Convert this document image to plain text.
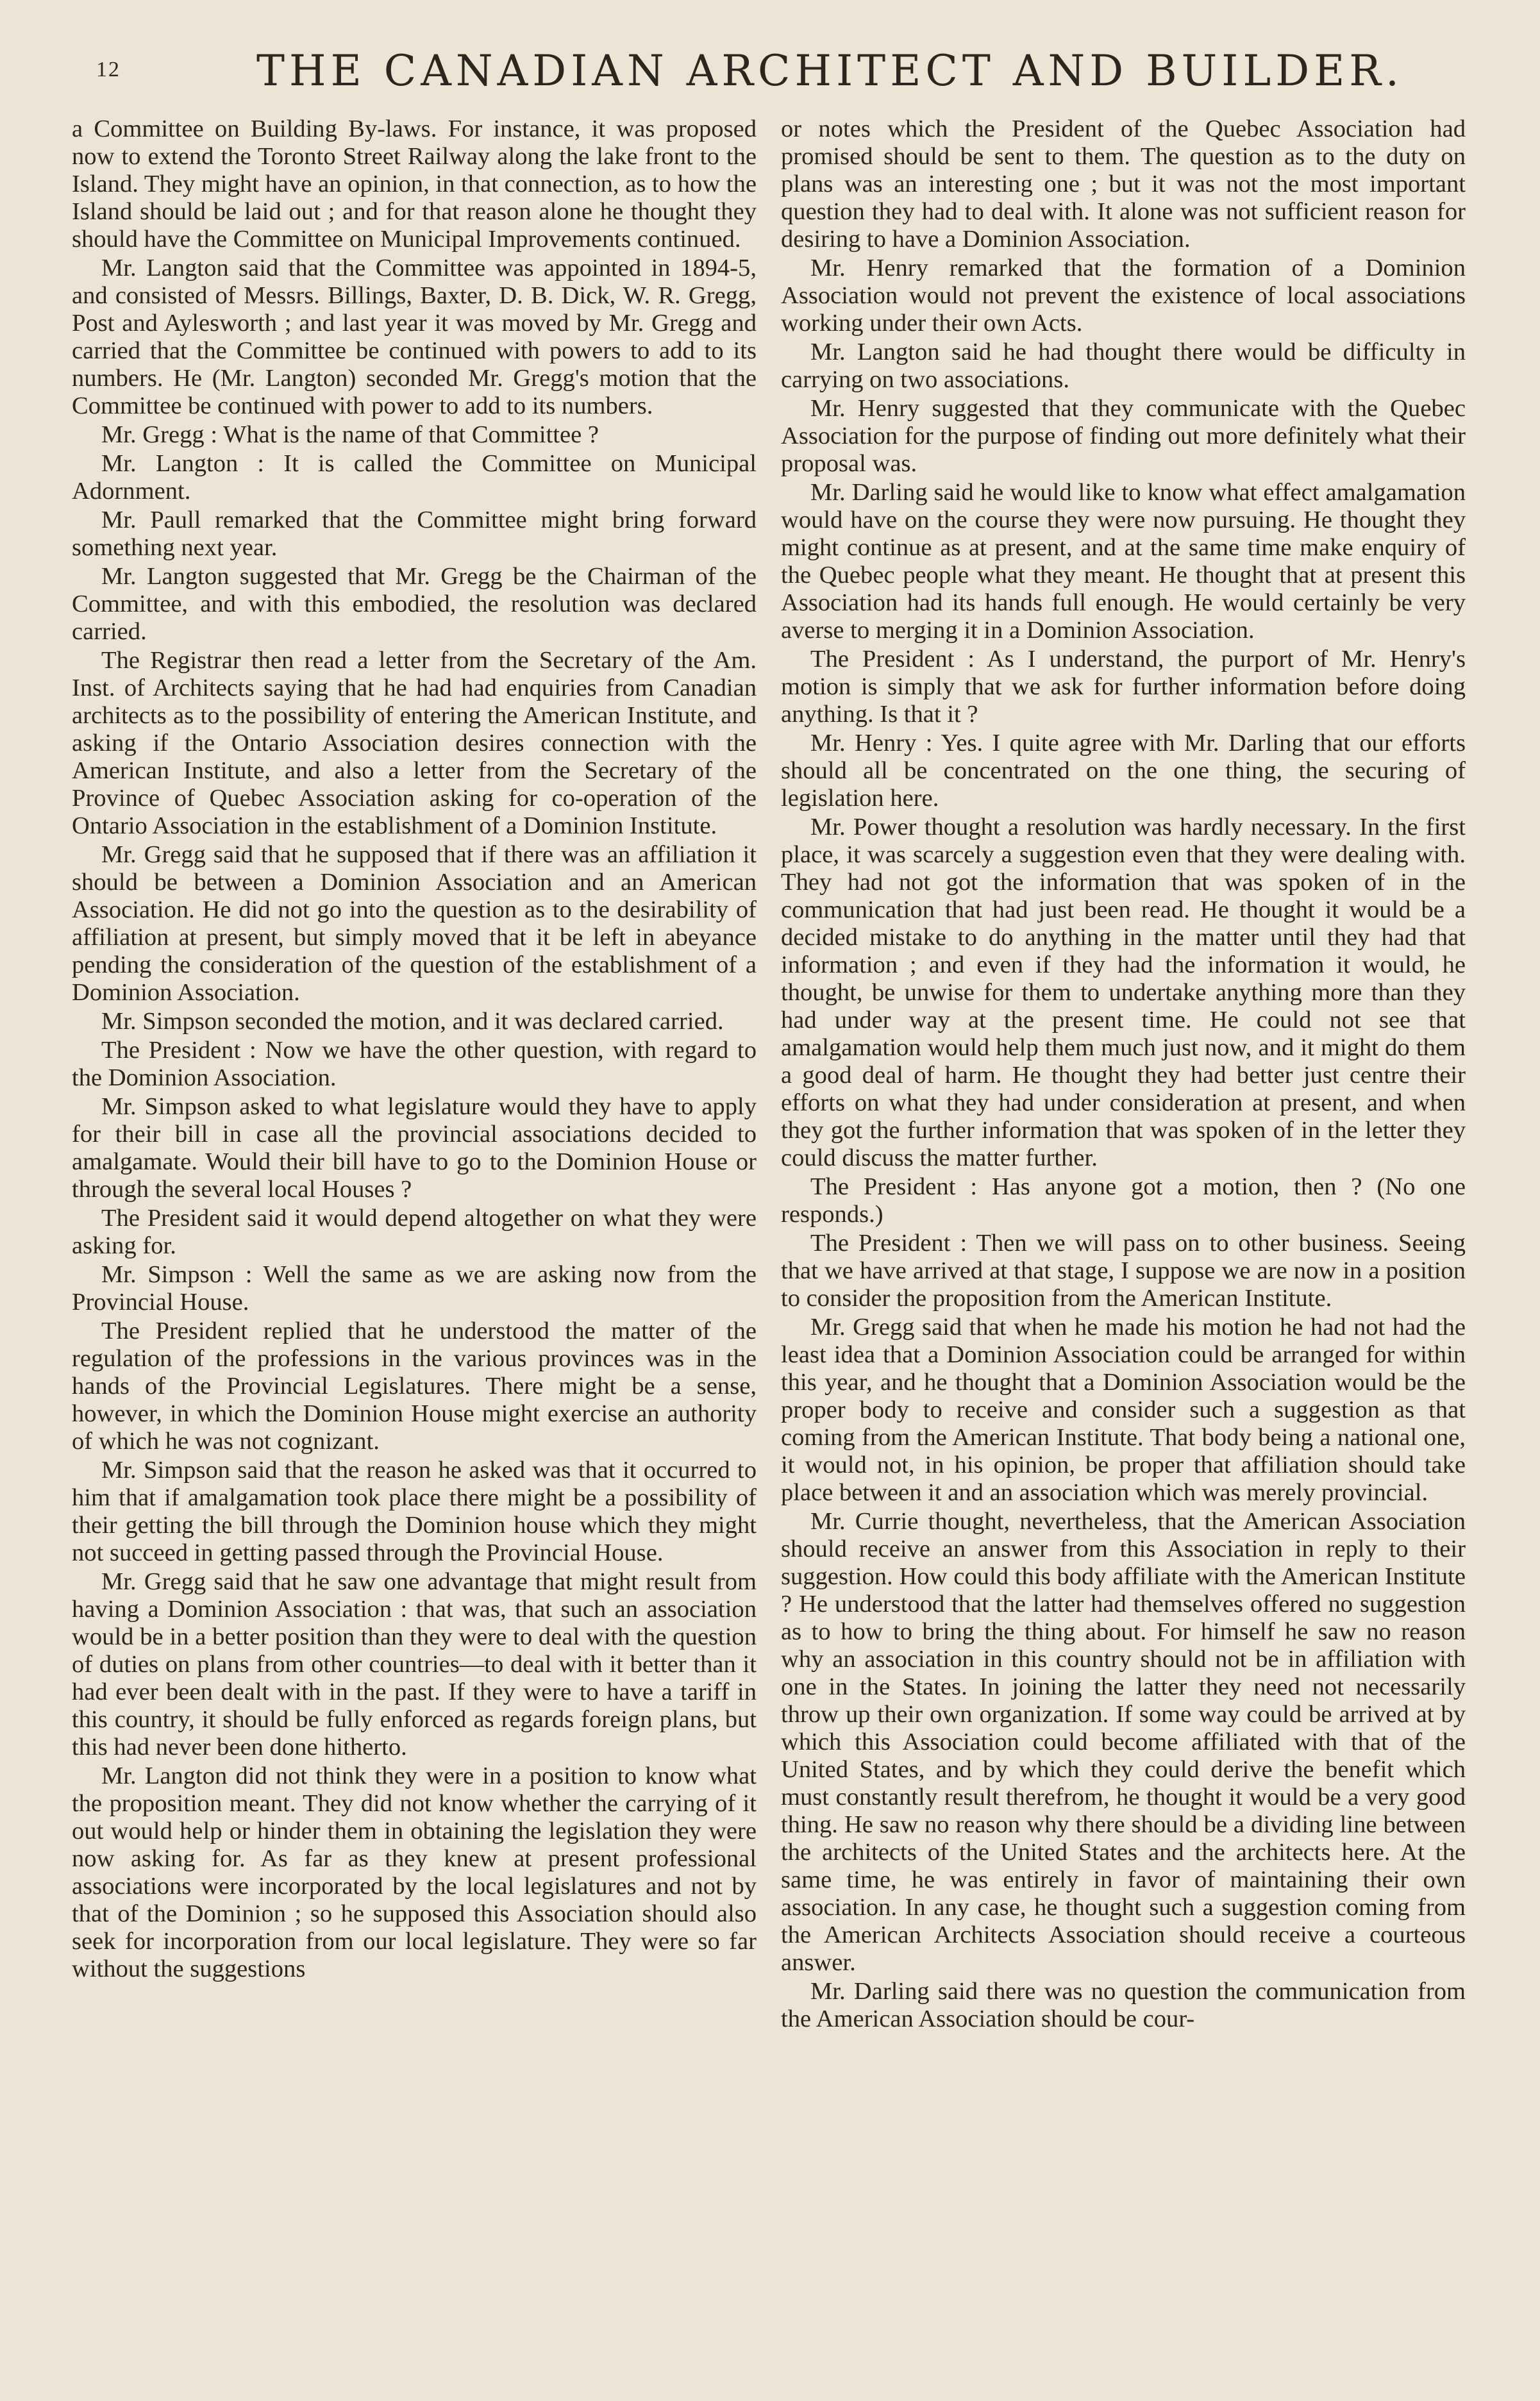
12	THE CANADIAN ARCHITECT AND BUILDER.

a Committee on Building By-laws. For instance, it was proposed now to extend the Toronto Street Railway along the lake front to the Island. They might have an opinion, in that connection, as to how the Island should be laid out ; and for that reason alone he thought they should have the Committee on Municipal Improvements continued.

Mr. Langton said that the Committee was appointed in 1894-5, and consisted of Messrs. Billings, Baxter, D. B. Dick, W. R. Gregg, Post and Aylesworth ; and last year it was moved by Mr. Gregg and carried that the Committee be continued with powers to add to its numbers. He (Mr. Langton) seconded Mr. Gregg's motion that the Committee be continued with power to add to its numbers.

Mr. Gregg : What is the name of that Committee ?

Mr. Langton : It is called the Committee on Municipal Adornment.

Mr. Paull remarked that the Committee might bring forward something next year.

Mr. Langton suggested that Mr. Gregg be the Chairman of the Committee, and with this embodied, the resolution was declared carried.

The Registrar then read a letter from the Secretary of the Am. Inst. of Architects saying that he had had enquiries from Canadian architects as to the possibility of entering the American Institute, and asking if the Ontario Association desires connection with the American Institute, and also a letter from the Secretary of the Province of Quebec Association asking for co-operation of the Ontario Association in the establishment of a Dominion Institute.

Mr. Gregg said that he supposed that if there was an affiliation it should be between a Dominion Association and an American Association. He did not go into the question as to the desirability of affiliation at present, but simply moved that it be left in abeyance pending the consideration of the question of the establishment of a Dominion Association.

Mr. Simpson seconded the motion, and it was declared carried.

The President : Now we have the other question, with regard to the Dominion Association.

Mr. Simpson asked to what legislature would they have to apply for their bill in case all the provincial associations decided to amalgamate. Would their bill have to go to the Dominion House or through the several local Houses ?

The President said it would depend altogether on what they were asking for.

Mr. Simpson : Well the same as we are asking now from the Provincial House.

The President replied that he understood the matter of the regulation of the professions in the various provinces was in the hands of the Provincial Legislatures. There might be a sense, however, in which the Dominion House might exercise an authority of which he was not cognizant.

Mr. Simpson said that the reason he asked was that it occurred to him that if amalgamation took place there might be a possibility of their getting the bill through the Dominion house which they might not succeed in getting passed through the Provincial House.

Mr. Gregg said that he saw one advantage that might result from having a Dominion Association : that was, that such an association would be in a better position than they were to deal with the question of duties on plans from other countries—to deal with it better than it had ever been dealt with in the past. If they were to have a tariff in this country, it should be fully enforced as regards foreign plans, but this had never been done hitherto.

Mr. Langton did not think they were in a position to know what the proposition meant. They did not know whether the carrying of it out would help or hinder them in obtaining the legislation they were now asking for. As far as they knew at present professional associations were incorporated by the local legislatures and not by that of the Dominion ; so he supposed this Association should also seek for incorporation from our local legislature. They were so far without the suggestions

or notes which the President of the Quebec Association had promised should be sent to them. The question as to the duty on plans was an interesting one ; but it was not the most important question they had to deal with. It alone was not sufficient reason for desiring to have a Dominion Association.

Mr. Henry remarked that the formation of a Dominion Association would not prevent the existence of local associations working under their own Acts.

Mr. Langton said he had thought there would be difficulty in carrying on two associations.

Mr. Henry suggested that they communicate with the Quebec Association for the purpose of finding out more definitely what their proposal was.

Mr. Darling said he would like to know what effect amalgamation would have on the course they were now pursuing. He thought they might continue as at present, and at the same time make enquiry of the Quebec people what they meant. He thought that at present this Association had its hands full enough. He would certainly be very averse to merging it in a Dominion Association.

The President : As I understand, the purport of Mr. Henry's motion is simply that we ask for further information before doing anything. Is that it ?

Mr. Henry : Yes. I quite agree with Mr. Darling that our efforts should all be concentrated on the one thing, the securing of legislation here.

Mr. Power thought a resolution was hardly necessary. In the first place, it was scarcely a suggestion even that they were dealing with. They had not got the information that was spoken of in the communication that had just been read. He thought it would be a decided mistake to do anything in the matter until they had that information ; and even if they had the information it would, he thought, be unwise for them to undertake anything more than they had under way at the present time. He could not see that amalgamation would help them much just now, and it might do them a good deal of harm. He thought they had better just centre their efforts on what they had under consideration at present, and when they got the further information that was spoken of in the letter they could discuss the matter further.

The President : Has anyone got a motion, then ? (No one responds.)

The President : Then we will pass on to other business. Seeing that we have arrived at that stage, I suppose we are now in a position to consider the proposition from the American Institute.

Mr. Gregg said that when he made his motion he had not had the least idea that a Dominion Association could be arranged for within this year, and he thought that a Dominion Association would be the proper body to receive and consider such a suggestion as that coming from the American Institute. That body being a national one, it would not, in his opinion, be proper that affiliation should take place between it and an association which was merely provincial.

Mr. Currie thought, nevertheless, that the American Association should receive an answer from this Association in reply to their suggestion. How could this body affiliate with the American Institute ? He understood that the latter had themselves offered no suggestion as to how to bring the thing about. For himself he saw no reason why an association in this country should not be in affiliation with one in the States. In joining the latter they need not necessarily throw up their own organization. If some way could be arrived at by which this Association could become affiliated with that of the United States, and by which they could derive the benefit which must constantly result therefrom, he thought it would be a very good thing. He saw no reason why there should be a dividing line between the architects of the United States and the architects here. At the same time, he was entirely in favor of maintaining their own association. In any case, he thought such a suggestion coming from the American Architects Association should receive a courteous answer.

Mr. Darling said there was no question the communication from the American Association should be cour-
